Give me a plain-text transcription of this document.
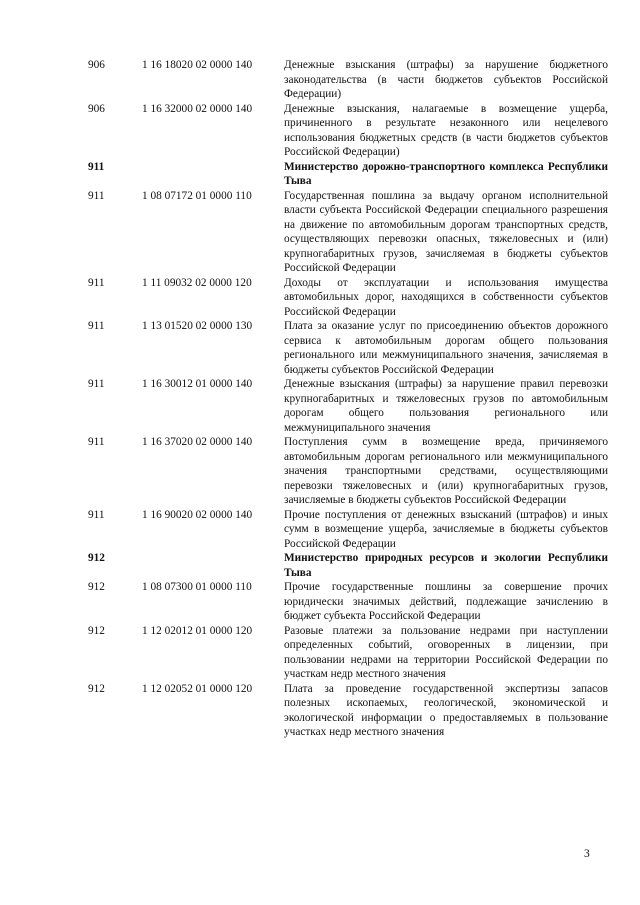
906	1 16 18020 02 0000 140	Денежные взыскания (штрафы) за нарушение бюджетного законодательства (в части бюджетов субъектов Российской Федерации)
906	1 16 32000 02 0000 140	Денежные взыскания, налагаемые в возмещение ущерба, причиненного в результате незаконного или нецелевого использования бюджетных средств (в части бюджетов субъектов Российской Федерации)
911		Министерство дорожно-транспортного комплекса Республики Тыва
911	1 08 07172 01 0000 110	Государственная пошлина за выдачу органом исполнительной власти субъекта Российской Федерации специального разрешения на движение по автомобильным дорогам транспортных средств, осуществляющих перевозки опасных, тяжеловесных и (или) крупногабаритных грузов, зачисляемая в бюджеты субъектов Российской Федерации
911	1 11 09032 02 0000 120	Доходы от эксплуатации и использования имущества автомобильных дорог, находящихся в собственности субъектов Российской Федерации
911	1 13 01520 02 0000 130	Плата за оказание услуг по присоединению объектов дорожного сервиса к автомобильным дорогам общего пользования регионального или межмуниципального значения, зачисляемая в бюджеты субъектов Российской Федерации
911	1 16 30012 01 0000 140	Денежные взыскания (штрафы) за нарушение правил перевозки крупногабаритных и тяжеловесных грузов по автомобильным дорогам общего пользования регионального или межмуниципального значения
911	1 16 37020 02 0000 140	Поступления сумм в возмещение вреда, причиняемого автомобильным дорогам регионального или межмуниципального значения транспортными средствами, осуществляющими перевозки тяжеловесных и (или) крупногабаритных грузов, зачисляемые в бюджеты субъектов Российской Федерации
911	1 16 90020 02 0000 140	Прочие поступления от денежных взысканий (штрафов) и иных сумм в возмещение ущерба, зачисляемые в бюджеты субъектов Российской Федерации
912		Министерство природных ресурсов и экологии Республики Тыва
912	1 08 07300 01 0000 110	Прочие государственные пошлины за совершение прочих юридически значимых действий, подлежащие зачислению в бюджет субъекта Российской Федерации
912	1 12 02012 01 0000 120	Разовые платежи за пользование недрами при наступлении определенных событий, оговоренных в лицензии, при пользовании недрами на территории Российской Федерации по участкам недр местного значения
912	1 12 02052 01 0000 120	Плата за проведение государственной экспертизы запасов полезных ископаемых, геологической, экономической и экологической информации о предоставляемых в пользование участках недр местного значения
3
